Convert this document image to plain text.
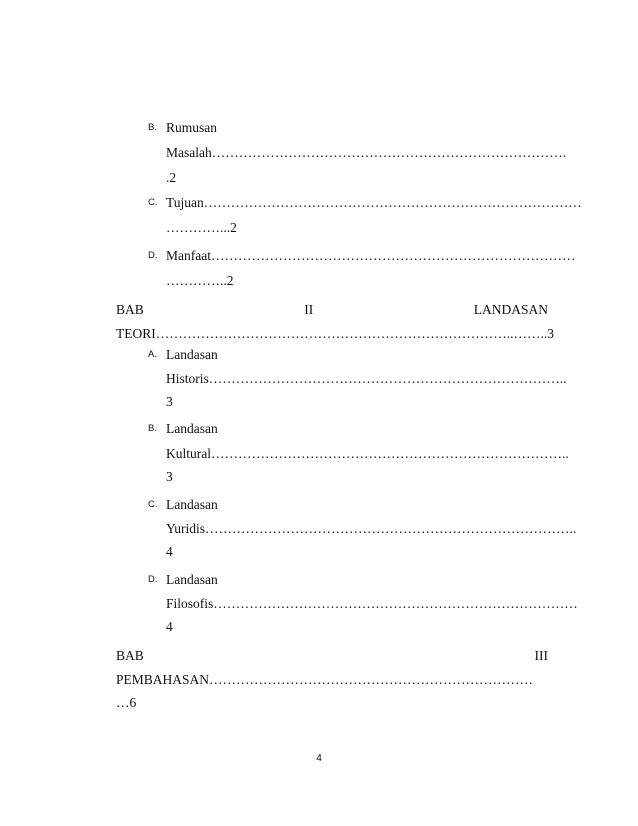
B. Rumusan
Masalah…………………………………………………………………….
.2
C. Tujuan…………………………………………………………………………
…………...2
D. Manfaat………………………………………………………………………
…………..2
BAB	II	LANDASAN
TEORI……………………………………………………………………..……..3
A. Landasan
Historis……………………………………………………………………..
3
B. Landasan
Kultural……………………………………………………………………..
3
C. Landasan
Yuridis………………………………………………………………………..
4
D. Landasan
Filosofis………………………………………………………………………
4
BAB	III
PEMBAHASAN………………………………………………………………
…6
4
